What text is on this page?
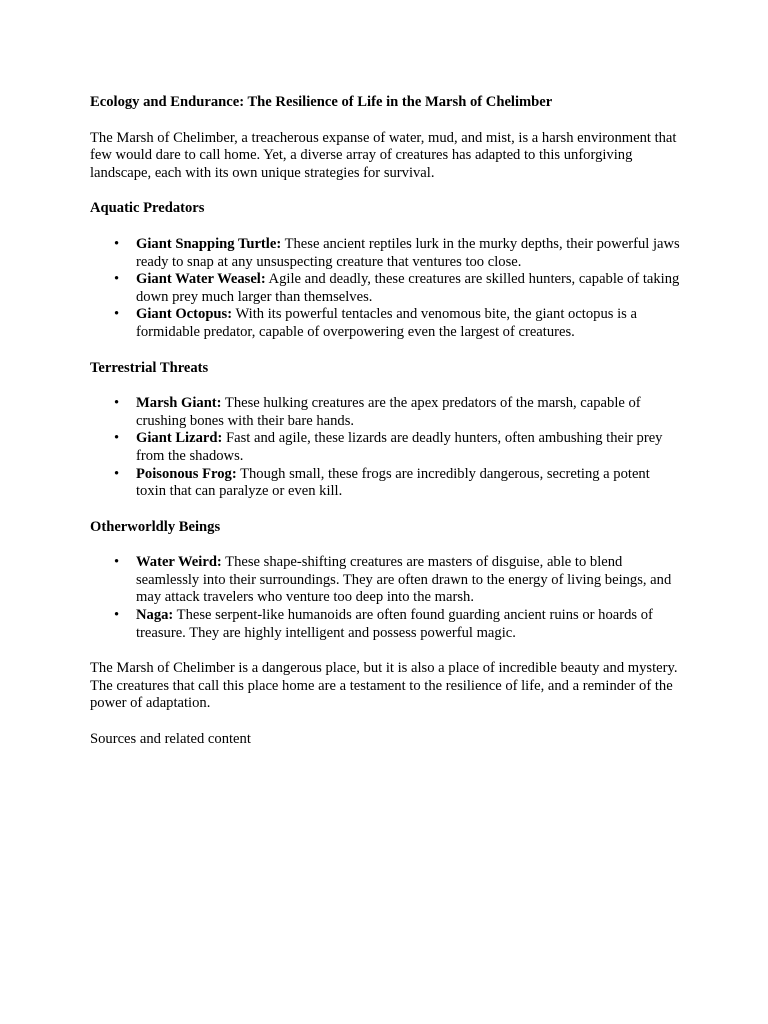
Ecology and Endurance: The Resilience of Life in the Marsh of Chelimber

The Marsh of Chelimber, a treacherous expanse of water, mud, and mist, is a harsh environment that few would dare to call home. Yet, a diverse array of creatures has adapted to this unforgiving landscape, each with its own unique strategies for survival.

Aquatic Predators
• Giant Snapping Turtle: These ancient reptiles lurk in the murky depths, their powerful jaws ready to snap at any unsuspecting creature that ventures too close.
• Giant Water Weasel: Agile and deadly, these creatures are skilled hunters, capable of taking down prey much larger than themselves.
• Giant Octopus: With its powerful tentacles and venomous bite, the giant octopus is a formidable predator, capable of overpowering even the largest of creatures.
Terrestrial Threats
• Marsh Giant: These hulking creatures are the apex predators of the marsh, capable of crushing bones with their bare hands.
• Giant Lizard: Fast and agile, these lizards are deadly hunters, often ambushing their prey from the shadows.
• Poisonous Frog: Though small, these frogs are incredibly dangerous, secreting a potent toxin that can paralyze or even kill.
Otherworldly Beings
• Water Weird: These shape-shifting creatures are masters of disguise, able to blend seamlessly into their surroundings. They are often drawn to the energy of living beings, and may attack travelers who venture too deep into the marsh.
• Naga: These serpent-like humanoids are often found guarding ancient ruins or hoards of treasure. They are highly intelligent and possess powerful magic.

The Marsh of Chelimber is a dangerous place, but it is also a place of incredible beauty and mystery. The creatures that call this place home are a testament to the resilience of life, and a reminder of the power of adaptation.

Sources and related content
